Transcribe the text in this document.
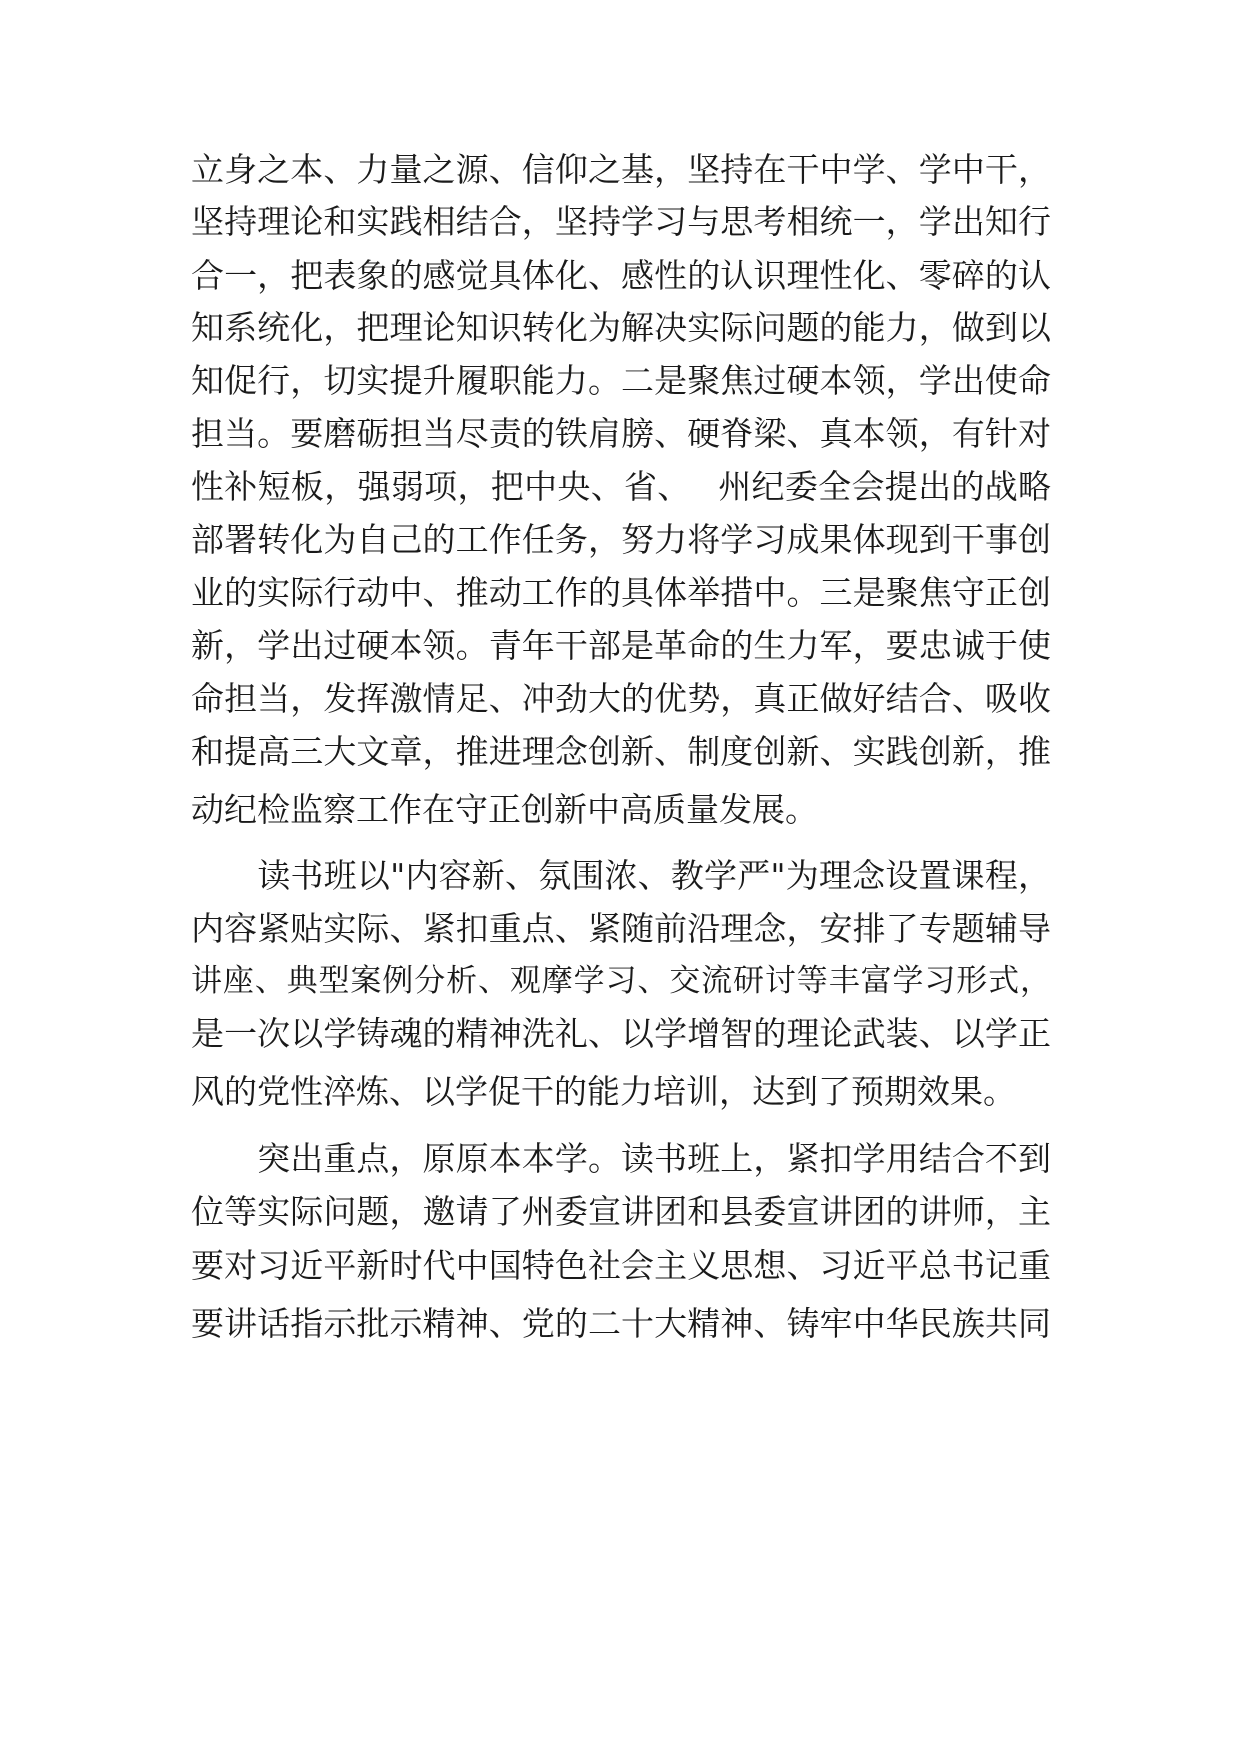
立身之本、力量之源、信仰之基，坚持在干中学、学中干，
坚持理论和实践相结合，坚持学习与思考相统一，学出知行
合一，把表象的感觉具体化、感性的认识理性化、零碎的认
知系统化，把理论知识转化为解决实际问题的能力，做到以
知促行，切实提升履职能力。二是聚焦过硬本领，学出使命
担当。要磨砺担当尽责的铁肩膀、硬脊梁、真本领，有针对
性补短板，强弱项，把中央、省、　 州纪委全会提出的战略
部署转化为自己的工作任务，努力将学习成果体现到干事创
业的实际行动中、推动工作的具体举措中。三是聚焦守正创
新，学出过硬本领。青年干部是革命的生力军，要忠诚于使
命担当，发挥激情足、冲劲大的优势，真正做好结合、吸收
和提高三大文章，推进理念创新、制度创新、实践创新，推
动纪检监察工作在守正创新中高质量发展。
　　读书班以"内容新、氛围浓、教学严"为理念设置课程，
内容紧贴实际、紧扣重点、紧随前沿理念，安排了专题辅导
讲座、典型案例分析、观摩学习、交流研讨等丰富学习形式，
是一次以学铸魂的精神洗礼、以学增智的理论武装、以学正
风的党性淬炼、以学促干的能力培训，达到了预期效果。
　　突出重点，原原本本学。读书班上，紧扣学用结合不到
位等实际问题，邀请了州委宣讲团和县委宣讲团的讲师，主
要对习近平新时代中国特色社会主义思想、习近平总书记重
要讲话指示批示精神、党的二十大精神、铸牢中华民族共同
